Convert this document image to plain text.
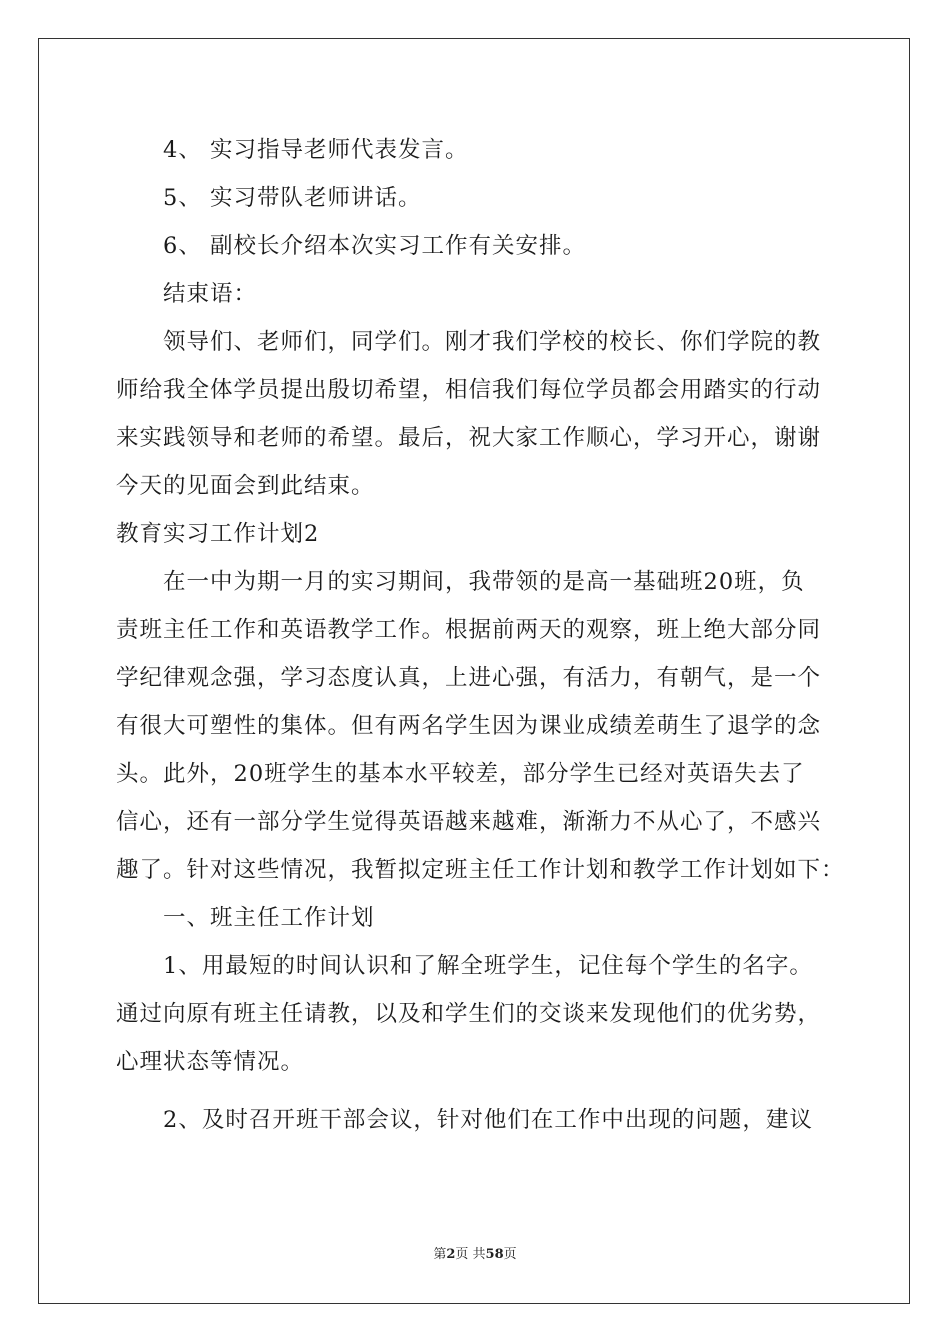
4、 实习指导老师代表发言。
5、 实习带队老师讲话。
6、 副校长介绍本次实习工作有关安排。
结束语：
领导们、老师们，同学们。刚才我们学校的校长、你们学院的教
师给我全体学员提出殷切希望，相信我们每位学员都会用踏实的行动
来实践领导和老师的希望。最后，祝大家工作顺心，学习开心，谢谢
今天的见面会到此结束。
教育实习工作计划2
在一中为期一月的实习期间，我带领的是高一基础班20班，负
责班主任工作和英语教学工作。根据前两天的观察，班上绝大部分同
学纪律观念强，学习态度认真，上进心强，有活力，有朝气，是一个
有很大可塑性的集体。但有两名学生因为课业成绩差萌生了退学的念
头。此外，20班学生的基本水平较差，部分学生已经对英语失去了
信心，还有一部分学生觉得英语越来越难，渐渐力不从心了，不感兴
趣了。针对这些情况，我暂拟定班主任工作计划和教学工作计划如下：
一、班主任工作计划
1、用最短的时间认识和了解全班学生，记住每个学生的名字。
通过向原有班主任请教，以及和学生们的交谈来发现他们的优劣势，
心理状态等情况。
2、及时召开班干部会议，针对他们在工作中出现的问题，建议
第2页 共58页
